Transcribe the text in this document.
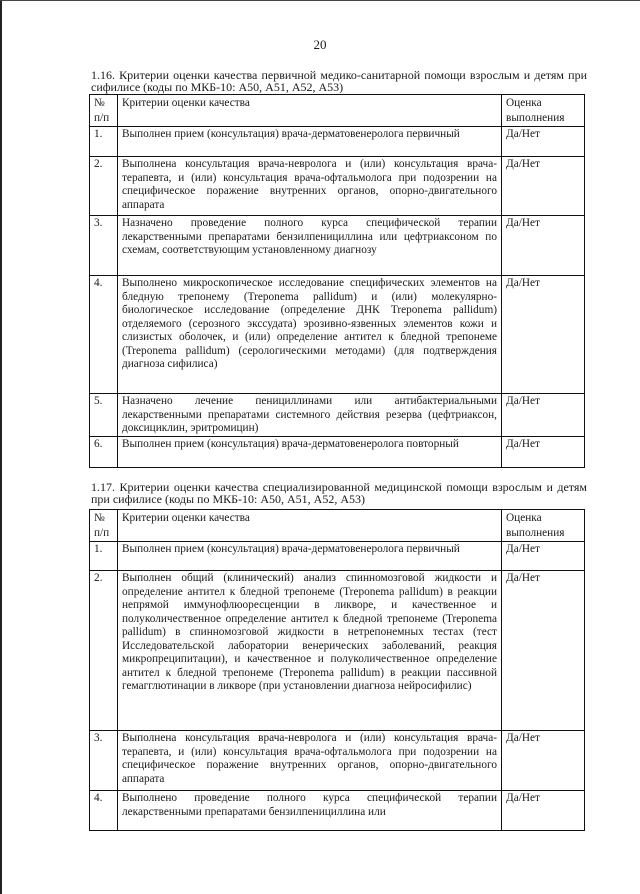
20
1.16. Критерии оценки качества первичной медико-санитарной помощи взрослым и детям при сифилисе (коды по МКБ-10: А50, А51, А52, А53)
№ п/п	Критерии оценки качества	Оценка выполнения
1.	Выполнен прием (консультация) врача-дерматовенеролога первичный	Да/Нет
2.	Выполнена консультация врача-невролога и (или) консультация врача-терапевта, и (или) консультация врача-офтальмолога при подозрении на специфическое поражение внутренних органов, опорно-двигательного аппарата	Да/Нет
3.	Назначено проведение полного курса специфической терапии лекарственными препаратами бензилпенициллина или цефтриаксоном по схемам, соответствующим установленному диагнозу	Да/Нет
4.	Выполнено микроскопическое исследование специфических элементов на бледную трепонему (Treponema pallidum) и (или) молекулярно-биологическое исследование (определение ДНК Treponema pallidum) отделяемого (серозного экссудата) эрозивно-язвенных элементов кожи и слизистых оболочек, и (или) определение антител к бледной трепонеме (Treponema pallidum) (серологическими методами) (для подтверждения диагноза сифилиса)	Да/Нет
5.	Назначено лечение пенициллинами или антибактериальными лекарственными препаратами системного действия резерва (цефтриаксон, доксициклин, эритромицин)	Да/Нет
6.	Выполнен прием (консультация) врача-дерматовенеролога повторный	Да/Нет
1.17. Критерии оценки качества специализированной медицинской помощи взрослым и детям при сифилисе (коды по МКБ-10: А50, А51, А52, А53)
№ п/п	Критерии оценки качества	Оценка выполнения
1.	Выполнен прием (консультация) врача-дерматовенеролога первичный	Да/Нет
2.	Выполнен общий (клинический) анализ спинномозговой жидкости и определение антител к бледной трепонеме (Treponema pallidum) в реакции непрямой иммунофлюоресценции в ликворе, и качественное и полуколичественное определение антител к бледной трепонеме (Treponema pallidum) в спинномозговой жидкости в нетрепонемных тестах (тест Исследовательской лаборатории венерических заболеваний, реакция микропреципитации), и качественное и полуколичественное определение антител к бледной трепонеме (Treponema pallidum) в реакции пассивной гемагглютинации в ликворе (при установлении диагноза нейросифилис)	Да/Нет
3.	Выполнена консультация врача-невролога и (или) консультация врача-терапевта, и (или) консультация врача-офтальмолога при подозрении на специфическое поражение внутренних органов, опорно-двигательного аппарата	Да/Нет
4.	Выполнено проведение полного курса специфической терапии лекарственными препаратами бензилпенициллина или	Да/Нет
